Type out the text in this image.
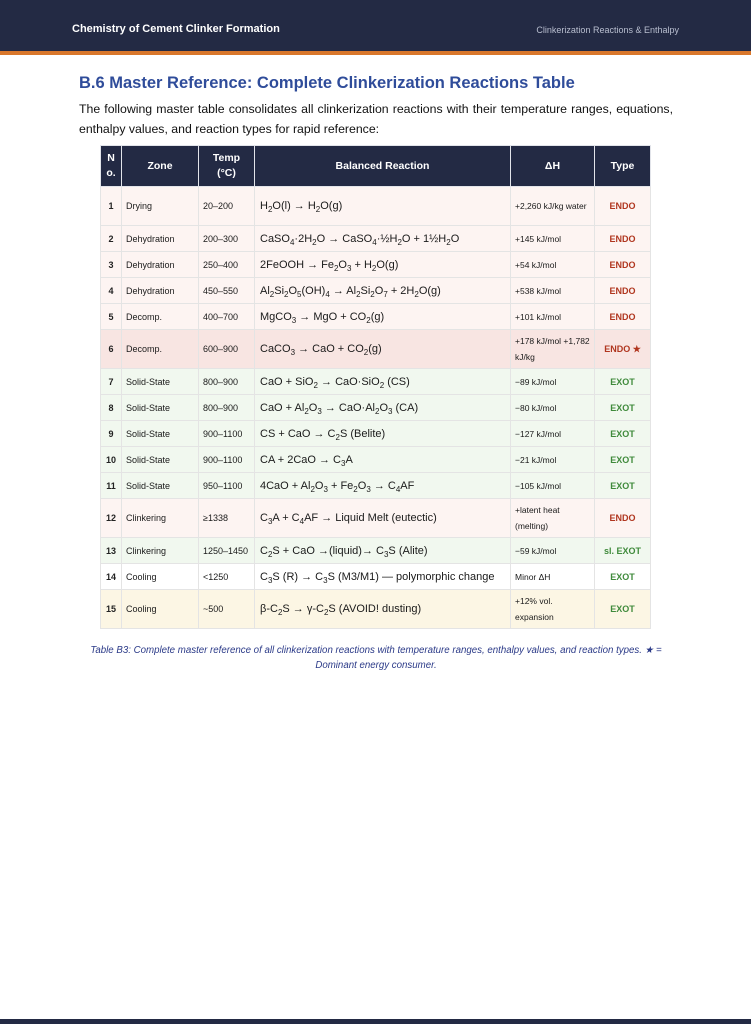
Chemistry of Cement Clinker Formation	Clinkerization Reactions & Enthalpy
B.6 Master Reference: Complete Clinkerization Reactions Table

The following master table consolidates all clinkerization reactions with their temperature ranges, equations, enthalpy values, and reaction types for rapid reference:

N o.	Zone	Temp (°C)	Balanced Reaction	ΔH	Type
1	Drying	20–200	$H_2O(l) \to H_2O(g)$	+2,260 kJ/kg water	ENDO
2	Dehydration	200–300	$CaSO_4\cdot 2H_2O$ → $CaSO_4\cdot\frac{1}{2}H_2O$ + $1\frac{1}{2}H_2O$	+145 kJ/mol	ENDO
3	Dehydration	250–400	2FeOOH → $Fe_2O_3 + H_2O(g)$	+54 kJ/mol	ENDO
4	Dehydration	450–550	$Al_2Si_2O_5(OH)_4 \to Al_2Si_2O_7 + 2H_2O(g)$	+538 kJ/mol	ENDO
5	Decomp.	400–700	MgCO$_3$ → MgO + $CO_2(g)$	+101 kJ/mol	ENDO
6	Decomp.	600–900	CaCO$_3$ → CaO + $CO_2(g)$	+178 kJ/mol +1,782 kJ/kg	ENDO ★
7	Solid-State	800–900	CaO + SiO$_2$ → CaO·SiO$_2$ (CS)	−89 kJ/mol	EXOT
8	Solid-State	800–900	CaO + $Al_2O_3 \to CaO\cdot Al_2O_3$ (CA)	−80 kJ/mol	EXOT
9	Solid-State	900–1100	CS + CaO → $C_2S$ (Belite)	−127 kJ/mol	EXOT
10	Solid-State	900–1100	CA + $2CaO \to C_3A$	−21 kJ/mol	EXOT
11	Solid-State	950–1100	$4CaO + Al_2O_3 + Fe_2O_3 \to C_4AF$	−105 kJ/mol	EXOT
12	Clinkering	≥1338	$C_3A + C_4AF$ → Liquid Melt (eutectic)	+latent heat (melting)	ENDO
13	Clinkering	1250–1450	$C_2S$ + CaO →(liquid)→ $C_3S$ (Alite)	−59 kJ/mol	sl. EXOT
14	Cooling	<1250	$C_3S$ $(R) \to C_3S$ (M3/M1) — polymorphic change	Minor ΔH	EXOT
15	Cooling	~500	$\beta-C_2S \to \gamma-C_2S$ (AVOID! dusting)	+12% vol. expansion	EXOT

Table B3: Complete master reference of all clinkerization reactions with temperature ranges, enthalpy values, and reaction types. ★ = Dominant energy consumer.
